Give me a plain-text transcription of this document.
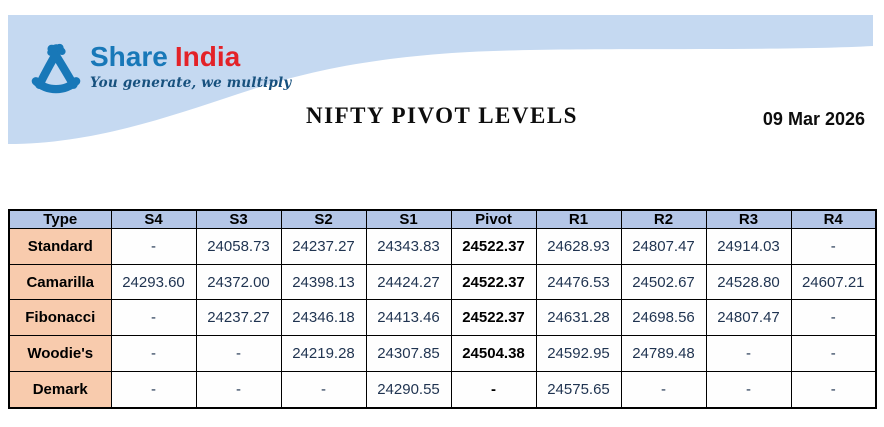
Share India
You generate, we multiply
NIFTY PIVOT LEVELS	09 Mar 2026
Type	S4	S3	S2	S1	Pivot	R1	R2	R3	R4
Standard	-	24058.73	24237.27	24343.83	24522.37	24628.93	24807.47	24914.03	-
Camarilla	24293.60	24372.00	24398.13	24424.27	24522.37	24476.53	24502.67	24528.80	24607.21
Fibonacci	-	24237.27	24346.18	24413.46	24522.37	24631.28	24698.56	24807.47	-
Woodie's	-	-	24219.28	24307.85	24504.38	24592.95	24789.48	-	-
Demark	-	-	-	24290.55	-	24575.65	-	-	-
